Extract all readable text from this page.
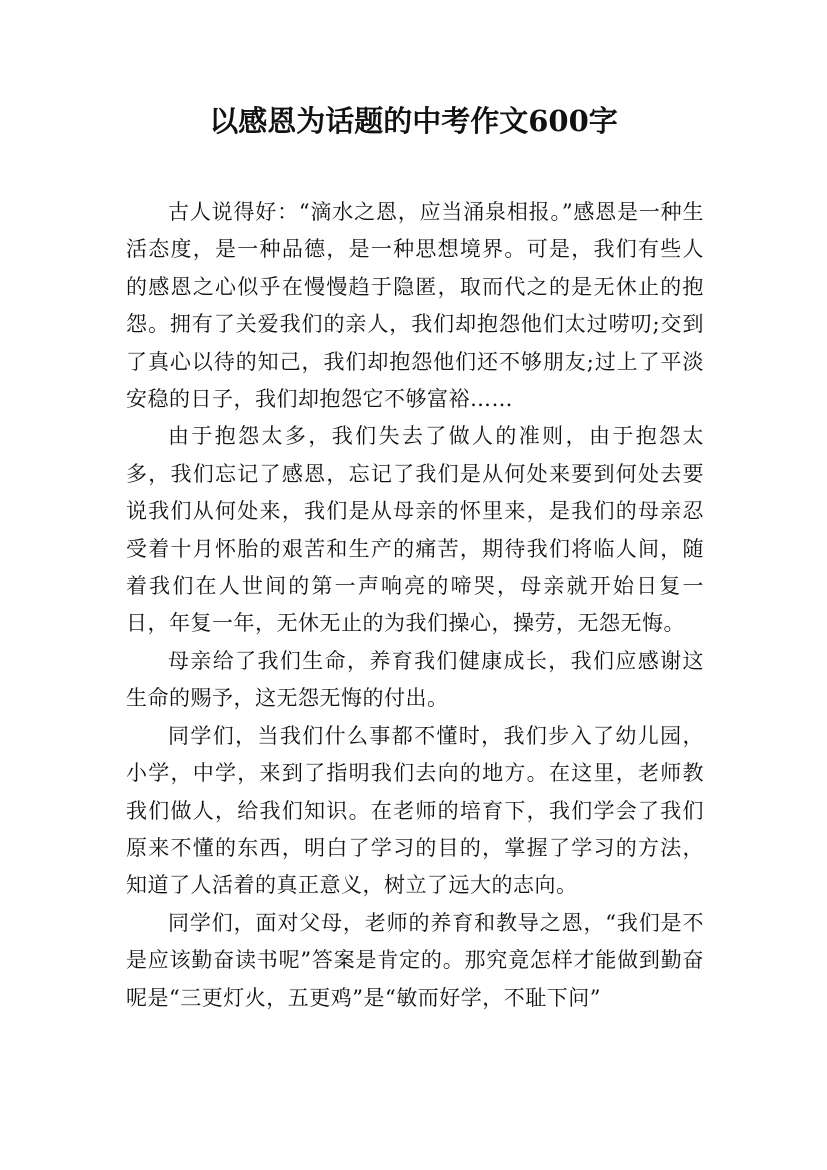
以感恩为话题的中考作文600字

古人说得好：“滴水之恩，应当涌泉相报。”感恩是一种生活态度，是一种品德，是一种思想境界。可是，我们有些人的感恩之心似乎在慢慢趋于隐匿，取而代之的是无休止的抱怨。拥有了关爱我们的亲人，我们却抱怨他们太过唠叨;交到了真心以待的知己，我们却抱怨他们还不够朋友;过上了平淡安稳的日子，我们却抱怨它不够富裕……

由于抱怨太多，我们失去了做人的准则，由于抱怨太多，我们忘记了感恩，忘记了我们是从何处来要到何处去要说我们从何处来，我们是从母亲的怀里来，是我们的母亲忍受着十月怀胎的艰苦和生产的痛苦，期待我们将临人间，随着我们在人世间的第一声响亮的啼哭，母亲就开始日复一日，年复一年，无休无止的为我们操心，操劳，无怨无悔。

母亲给了我们生命，养育我们健康成长，我们应感谢这生命的赐予，这无怨无悔的付出。

同学们，当我们什么事都不懂时，我们步入了幼儿园，小学，中学，来到了指明我们去向的地方。在这里，老师教我们做人，给我们知识。在老师的培育下，我们学会了我们原来不懂的东西，明白了学习的目的，掌握了学习的方法，知道了人活着的真正意义，树立了远大的志向。

同学们，面对父母，老师的养育和教导之恩，“我们是不是应该勤奋读书呢”答案是肯定的。那究竟怎样才能做到勤奋呢是“三更灯火，五更鸡”是“敏而好学，不耻下问”
